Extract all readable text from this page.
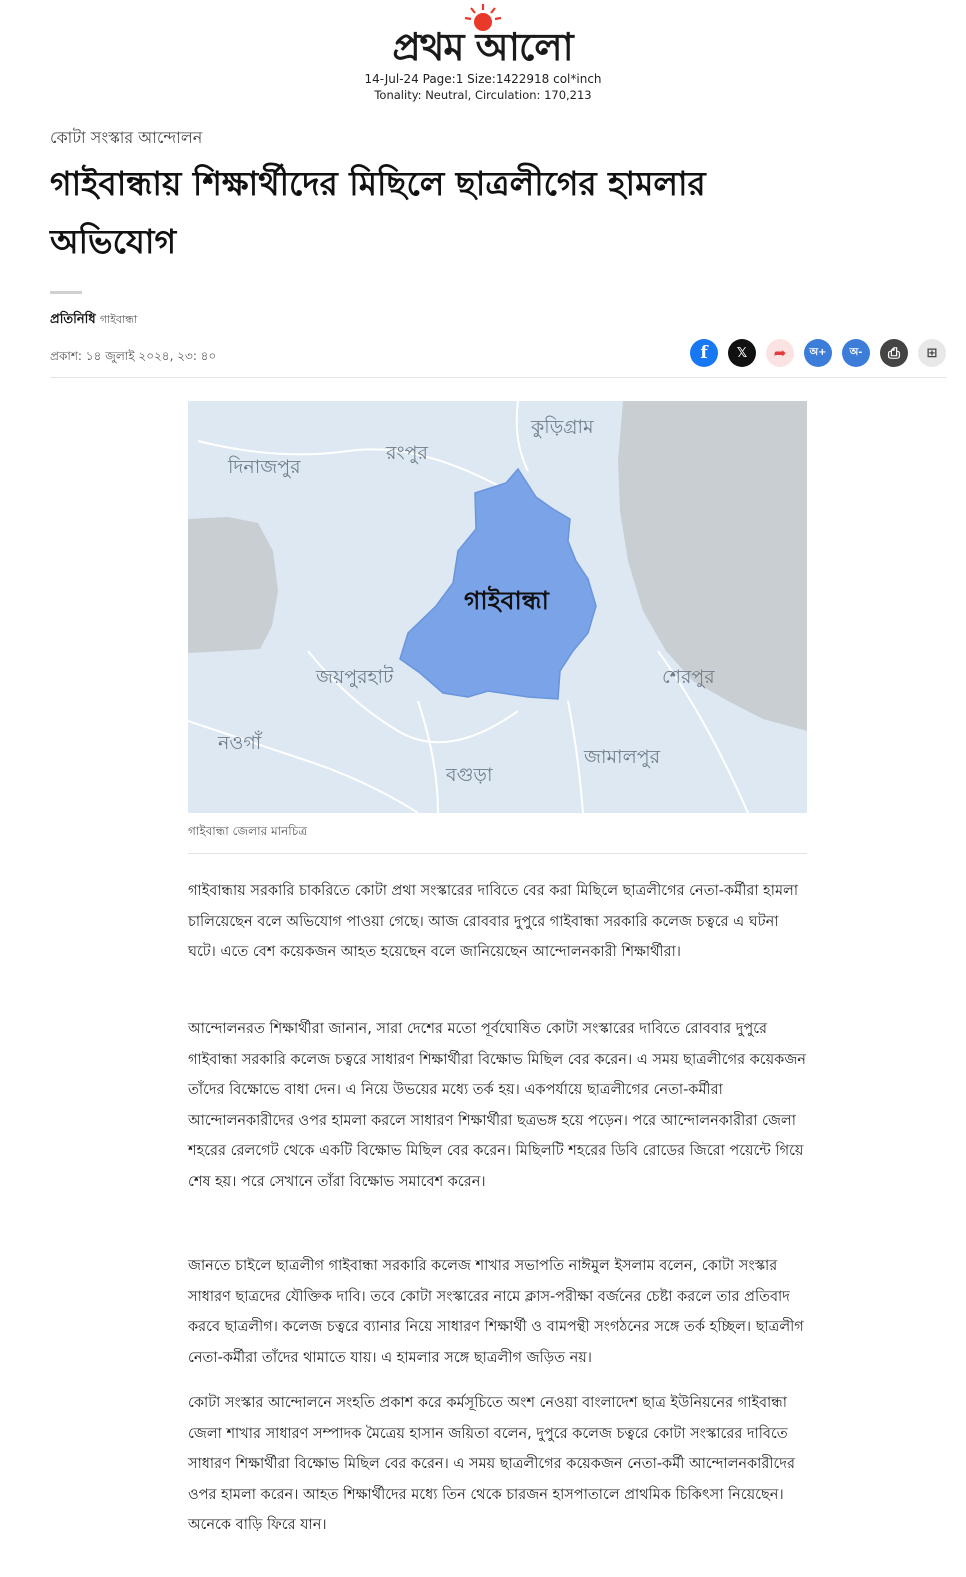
প্রথম আলো
14-Jul-24 Page:1 Size:1422918 col*inch
Tonality: Neutral, Circulation: 170,213
কোটা সংস্কার আন্দোলন
গাইবান্ধায় শিক্ষার্থীদের মিছিলে ছাত্রলীগের হামলার অভিযোগ
প্রতিনিধি গাইবান্ধা
প্রকাশ: ১৪ জুলাই ২০২৪, ২৩: ৪০	f 𝕏 ➦ অ+ অ- ⎙ ⊞
কুড়িগ্রাম
রংপুর
দিনাজপুর
গাইবান্ধা
জয়পুরহাট	শেরপুর
নওগাঁ
বগুড়া
জামালপুর
গাইবান্ধা জেলার মানচিত্র

গাইবান্ধায় সরকারি চাকরিতে কোটা প্রথা সংস্কারের দাবিতে বের করা মিছিলে ছাত্রলীগের নেতা-কর্মীরা হামলা চালিয়েছেন বলে অভিযোগ পাওয়া গেছে। আজ রোববার দুপুরে গাইবান্ধা সরকারি কলেজ চত্বরে এ ঘটনা ঘটে। এতে বেশ কয়েকজন আহত হয়েছেন বলে জানিয়েছেন আন্দোলনকারী শিক্ষার্থীরা।

আন্দোলনরত শিক্ষার্থীরা জানান, সারা দেশের মতো পূর্বঘোষিত কোটা সংস্কারের দাবিতে রোববার দুপুরে গাইবান্ধা সরকারি কলেজ চত্বরে সাধারণ শিক্ষার্থীরা বিক্ষোভ মিছিল বের করেন। এ সময় ছাত্রলীগের কয়েকজন তাঁদের বিক্ষোভে বাধা দেন। এ নিয়ে উভয়ের মধ্যে তর্ক হয়। একপর্যায়ে ছাত্রলীগের নেতা-কর্মীরা আন্দোলনকারীদের ওপর হামলা করলে সাধারণ শিক্ষার্থীরা ছত্রভঙ্গ হয়ে পড়েন। পরে আন্দোলনকারীরা জেলা শহরের রেলগেট থেকে একটি বিক্ষোভ মিছিল বের করেন। মিছিলটি শহরের ডিবি রোডের জিরো পয়েন্টে গিয়ে শেষ হয়। পরে সেখানে তাঁরা বিক্ষোভ সমাবেশ করেন।

জানতে চাইলে ছাত্রলীগ গাইবান্ধা সরকারি কলেজ শাখার সভাপতি নাঈমুল ইসলাম বলেন, কোটা সংস্কার সাধারণ ছাত্রদের যৌক্তিক দাবি। তবে কোটা সংস্কারের নামে ক্লাস-পরীক্ষা বর্জনের চেষ্টা করলে তার প্রতিবাদ করবে ছাত্রলীগ। কলেজ চত্বরে ব্যানার নিয়ে সাধারণ শিক্ষার্থী ও বামপন্থী সংগঠনের সঙ্গে তর্ক হচ্ছিল। ছাত্রলীগ নেতা-কর্মীরা তাঁদের থামাতে যায়। এ হামলার সঙ্গে ছাত্রলীগ জড়িত নয়।

কোটা সংস্কার আন্দোলনে সংহতি প্রকাশ করে কর্মসূচিতে অংশ নেওয়া বাংলাদেশ ছাত্র ইউনিয়নের গাইবান্ধা জেলা শাখার সাধারণ সম্পাদক মৈত্রেয় হাসান জয়িতা বলেন, দুপুরে কলেজ চত্বরে কোটা সংস্কারের দাবিতে সাধারণ শিক্ষার্থীরা বিক্ষোভ মিছিল বের করেন। এ সময় ছাত্রলীগের কয়েকজন নেতা-কর্মী আন্দোলনকারীদের ওপর হামলা করেন। আহত শিক্ষার্থীদের মধ্যে তিন থেকে চারজন হাসপাতালে প্রাথমিক চিকিৎসা নিয়েছেন। অনেকে বাড়ি ফিরে যান।
